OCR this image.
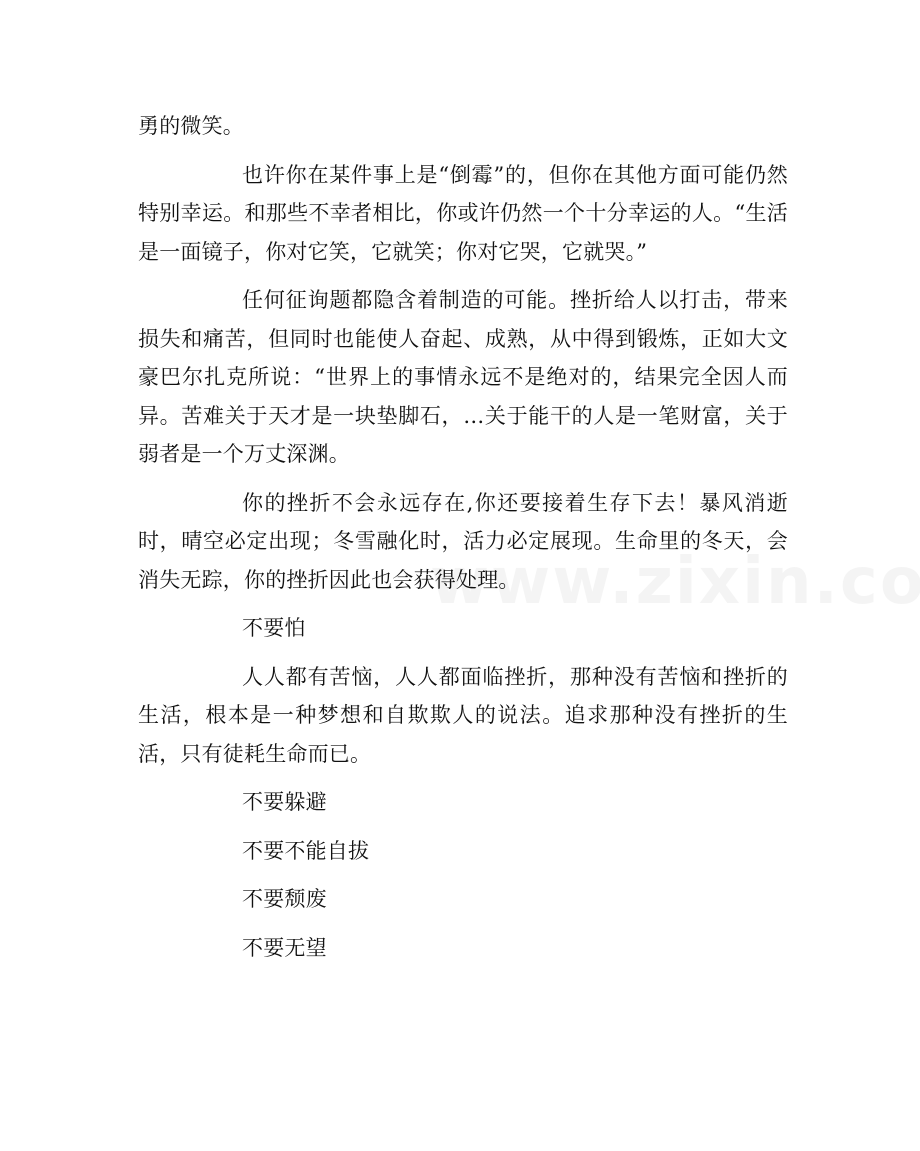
勇的微笑。

也许你在某件事上是“倒霉”的，但你在其他方面可能仍然特别幸运。和那些不幸者相比，你或许仍然一个十分幸运的人。“生活是一面镜子，你对它笑，它就笑；你对它哭，它就哭。”

任何征询题都隐含着制造的可能。挫折给人以打击，带来损失和痛苦，但同时也能使人奋起、成熟，从中得到锻炼，正如大文豪巴尔扎克所说：“世界上的事情永远不是绝对的，结果完全因人而异。苦难关于天才是一块垫脚石，…关于能干的人是一笔财富，关于弱者是一个万丈深渊。

你的挫折不会永远存在,你还要接着生存下去！暴风消逝时，晴空必定出现；冬雪融化时，活力必定展现。生命里的冬天，会消失无踪，你的挫折因此也会获得处理。

不要怕

人人都有苦恼，人人都面临挫折，那种没有苦恼和挫折的生活，根本是一种梦想和自欺欺人的说法。追求那种没有挫折的生活，只有徒耗生命而已。

不要躲避

不要不能自拔

不要颓废

不要无望
